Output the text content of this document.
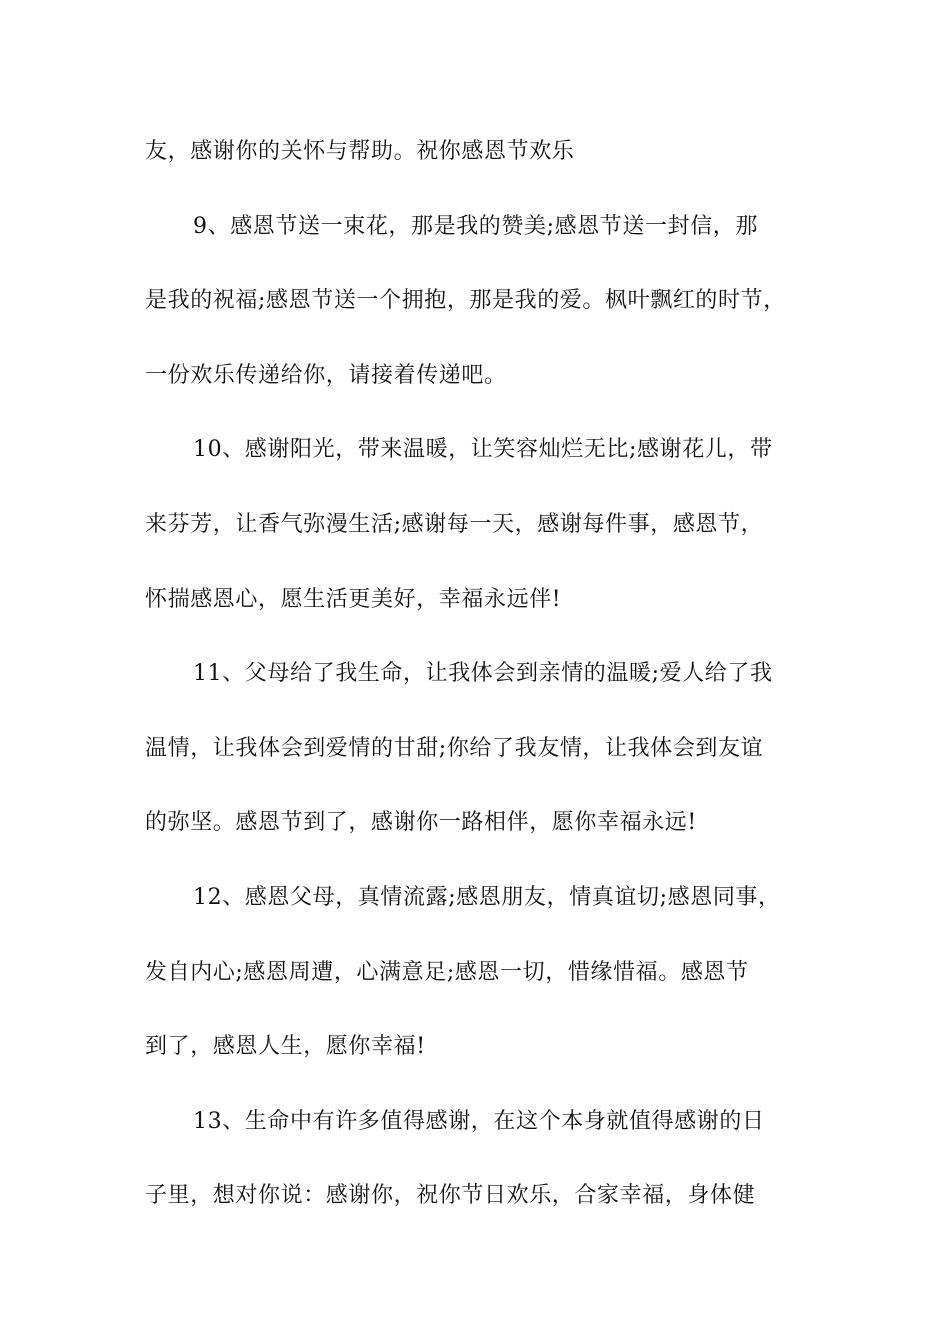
友，感谢你的关怀与帮助。祝你感恩节欢乐
9、感恩节送一束花，那是我的赞美;感恩节送一封信，那
是我的祝福;感恩节送一个拥抱，那是我的爱。枫叶飘红的时节，
一份欢乐传递给你，请接着传递吧。
10、感谢阳光，带来温暖，让笑容灿烂无比;感谢花儿，带
来芬芳，让香气弥漫生活;感谢每一天，感谢每件事，感恩节，
怀揣感恩心，愿生活更美好，幸福永远伴!
11、父母给了我生命，让我体会到亲情的温暖;爱人给了我
温情，让我体会到爱情的甘甜;你给了我友情，让我体会到友谊
的弥坚。感恩节到了，感谢你一路相伴，愿你幸福永远!
12、感恩父母，真情流露;感恩朋友，情真谊切;感恩同事，
发自内心;感恩周遭，心满意足;感恩一切，惜缘惜福。感恩节
到了，感恩人生，愿你幸福!
13、生命中有许多值得感谢，在这个本身就值得感谢的日
子里，想对你说：感谢你，祝你节日欢乐，合家幸福，身体健
